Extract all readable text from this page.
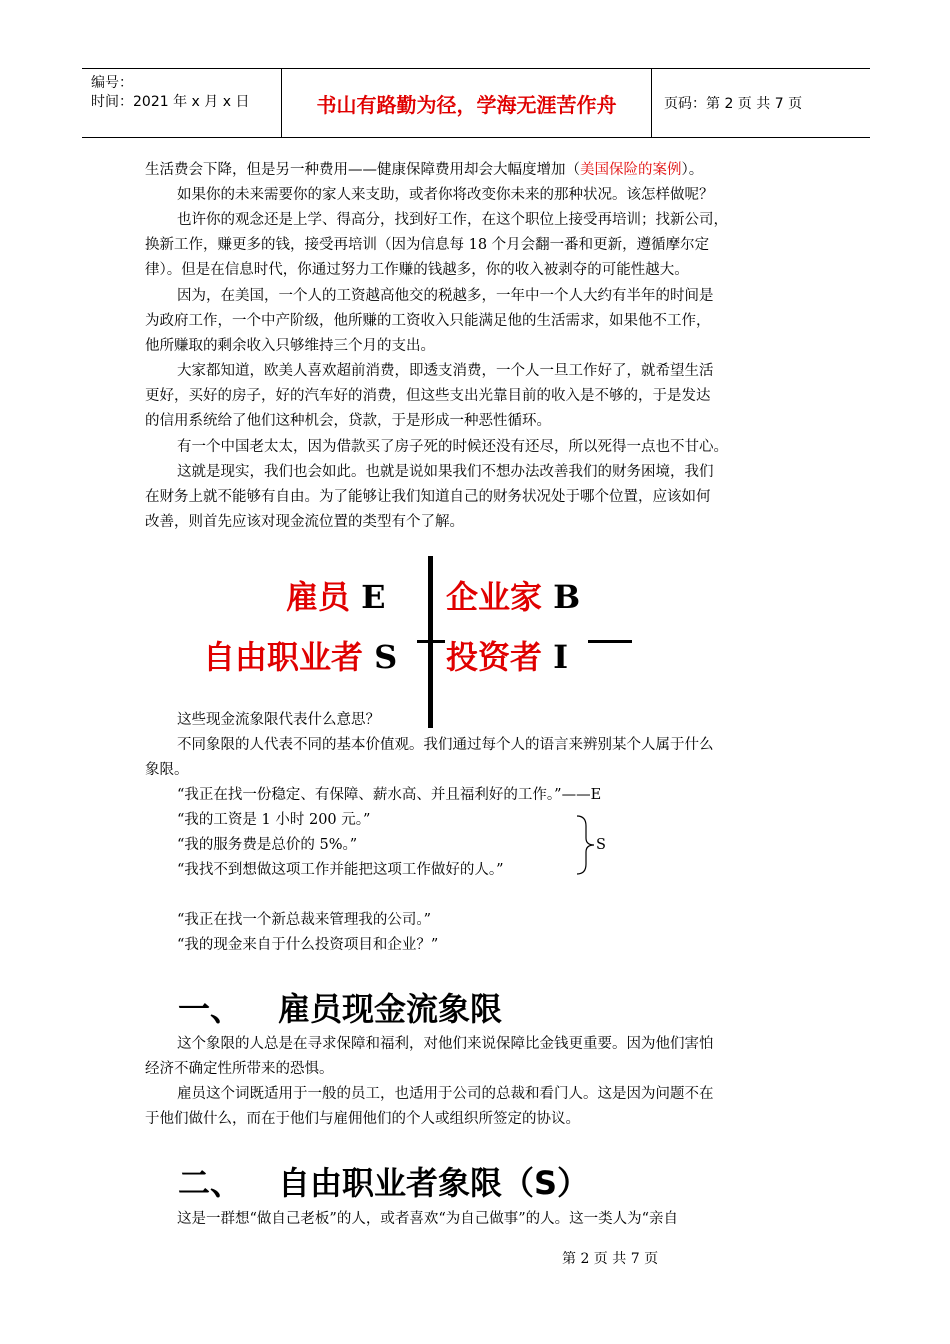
编号：
时间：2021 年 x 月 x 日	书山有路勤为径，学海无涯苦作舟	页码：第 2 页 共 7 页

生活费会下降，但是另一种费用——健康保障费用却会大幅度增加（美国保险的案例）。

如果你的未来需要你的家人来支助，或者你将改变你未来的那种状况。该怎样做呢？

也许你的观念还是上学、得高分，找到好工作，在这个职位上接受再培训；找新公司，

换新工作，赚更多的钱，接受再培训（因为信息每 18 个月会翻一番和更新，遵循摩尔定

律）。但是在信息时代，你通过努力工作赚的钱越多，你的收入被剥夺的可能性越大。

因为，在美国，一个人的工资越高他交的税越多，一年中一个人大约有半年的时间是

为政府工作，一个中产阶级，他所赚的工资收入只能满足他的生活需求，如果他不工作，

他所赚取的剩余收入只够维持三个月的支出。

大家都知道，欧美人喜欢超前消费，即透支消费，一个人一旦工作好了，就希望生活

更好，买好的房子，好的汽车好的消费，但这些支出光靠目前的收入是不够的，于是发达

的信用系统给了他们这种机会，贷款，于是形成一种恶性循环。

有一个中国老太太，因为借款买了房子死的时候还没有还尽，所以死得一点也不甘心。

这就是现实，我们也会如此。也就是说如果我们不想办法改善我们的财务困境，我们

在财务上就不能够有自由。为了能够让我们知道自己的财务状况处于哪个位置，应该如何

改善，则首先应该对现金流位置的类型有个了解。

雇员 E 企业家 B
自由职业者 S 投资者 I

这些现金流象限代表什么意思？

不同象限的人代表不同的基本价值观。我们通过每个人的语言来辨别某个人属于什么

象限。

“我正在找一份稳定、有保障、薪水高、并且福利好的工作。”——E

“我的工资是 1 小时 200 元。”

“我的服务费是总价的 5%。”

“我找不到想做这项工作并能把这项工作做好的人。”

S

“我正在找一个新总裁来管理我的公司。”

“我的现金来自于什么投资项目和企业？”

一、 雇员现金流象限

这个象限的人总是在寻求保障和福利，对他们来说保障比金钱更重要。因为他们害怕

经济不确定性所带来的恐惧。

雇员这个词既适用于一般的员工，也适用于公司的总裁和看门人。这是因为问题不在

于他们做什么，而在于他们与雇佣他们的个人或组织所签定的协议。

二、 自由职业者象限（S）

这是一群想“做自己老板”的人，或者喜欢“为自己做事”的人。这一类人为“亲自

第 2 页 共 7 页
